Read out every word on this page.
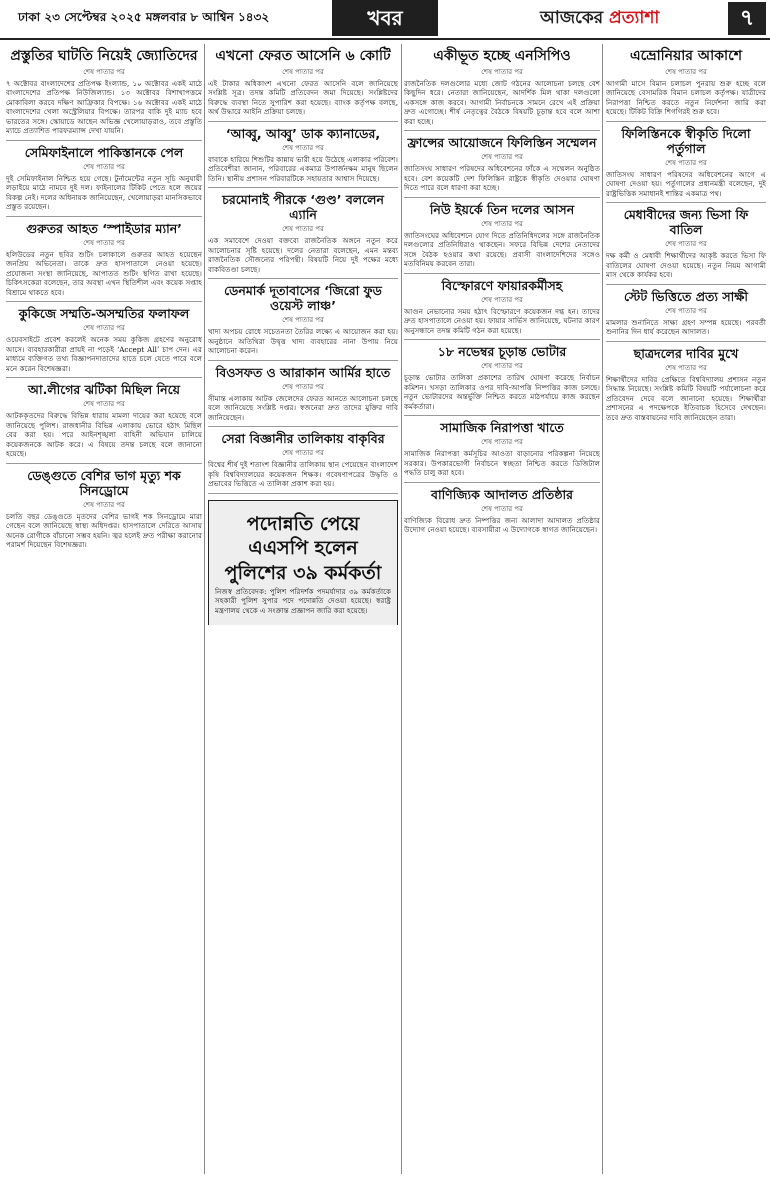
ঢাকা ২৩ সেপ্টেম্বর ২০২৫ মঙ্গলবার ৮ আশ্বিন ১৪৩২	খবর	আজকের প্রত্যাশা	৭
প্রস্তুতির ঘাটতি নিয়েই জ্যোতিদের
শেষ পাতার পর

৭ অক্টোবর বাংলাদেশের প্রতিপক্ষ ইংল্যান্ড, ১০ অক্টোবর একই মাঠে বাংলাদেশের প্রতিপক্ষ নিউজিল্যান্ড। ১৩ অক্টোবর বিশাখাপত্তমে মোকাবিলা করবে দক্ষিণ আফ্রিকার বিপক্ষে। ১৬ অক্টোবর একই মাঠে বাংলাদেশের খেলা অস্ট্রেলিয়ার বিপক্ষে। তারপর বাকি দুই ম্যাচ হবে ভারতের সঙ্গে। স্কোয়াডে আছেন অভিজ্ঞ খেলোয়াড়রাও, তবে প্রস্তুতি ম্যাচে প্রত্যাশিত পারফরম্যান্স দেখা যায়নি।

সেমিফাইনালে পাকিস্তানকে পেল
শেষ পাতার পর

দুই সেমিফাইনাল নিশ্চিত হয়ে গেছে। টুর্নামেন্টের নতুন সূচি অনুযায়ী লড়াইয়ে মাঠে নামবে দুই দল। ফাইনালের টিকিট পেতে হলে জয়ের বিকল্প নেই। দলের অধিনায়ক জানিয়েছেন, খেলোয়াড়রা মানসিকভাবে প্রস্তুত রয়েছেন।

গুরুতর আহত ‘স্পাইডার ম্যান’
শেষ পাতার পর

হলিউডের নতুন ছবির শুটিং চলাকালে গুরুতর আহত হয়েছেন জনপ্রিয় অভিনেতা। তাকে দ্রুত হাসপাতালে নেওয়া হয়েছে। প্রযোজনা সংস্থা জানিয়েছে, আপাতত শুটিং স্থগিত রাখা হয়েছে। চিকিৎসকেরা বলেছেন, তার অবস্থা এখন স্থিতিশীল এবং কয়েক সপ্তাহ বিশ্রামে থাকতে হবে।

কুকিজে সম্মতি-অসম্মতির ফলাফল
শেষ পাতার পর

ওয়েবসাইটে প্রবেশ করলেই অনেক সময় কুকিজ গ্রহণের অনুরোধ আসে। ব্যবহারকারীরা প্রায়ই না পড়েই ‘Accept All’ চাপ দেন। এর মাধ্যমে ব্যক্তিগত তথ্য বিজ্ঞাপনদাতাদের হাতে চলে যেতে পারে বলে মনে করেন বিশেষজ্ঞরা।

আ.লীগের ঝটিকা মিছিল নিয়ে
শেষ পাতার পর

আটককৃতদের বিরুদ্ধে বিভিন্ন ধারায় মামলা দায়ের করা হয়েছে বলে জানিয়েছে পুলিশ। রাজধানীর বিভিন্ন এলাকায় ভোরে হঠাৎ মিছিল বের করা হয়। পরে আইনশৃঙ্খলা বাহিনী অভিযান চালিয়ে কয়েকজনকে আটক করে। এ বিষয়ে তদন্ত চলছে বলে জানানো হয়েছে।

ডেঙ্গুতে বেশির ভাগ মৃত্যু শক সিনড্রোমে
শেষ পাতার পর

চলতি বছর ডেঙ্গুতে মৃতদের বেশির ভাগই শক সিনড্রোমে মারা গেছেন বলে জানিয়েছে স্বাস্থ্য অধিদপ্তর। হাসপাতালে দেরিতে আসায় অনেক রোগীকে বাঁচানো সম্ভব হয়নি। জ্বর হলেই দ্রুত পরীক্ষা করানোর পরামর্শ দিয়েছেন বিশেষজ্ঞরা।

এখনো ফেরত আসেনি ৬ কোটি
শেষ পাতার পর

এই টাকার অধিকাংশ এখনো ফেরত আসেনি বলে জানিয়েছে সংশ্লিষ্ট সূত্র। তদন্ত কমিটি প্রতিবেদন জমা দিয়েছে। সংশ্লিষ্টদের বিরুদ্ধে ব্যবস্থা নিতে সুপারিশ করা হয়েছে। ব্যাংক কর্তৃপক্ষ বলছে, অর্থ উদ্ধারে আইনি প্রক্রিয়া চলছে।

‘আব্বু, আব্বু’ ডাক ক্যানাডের,
শেষ পাতার পর

বাবাকে হারিয়ে শিশুটির কান্নায় ভারী হয়ে উঠেছে এলাকার পরিবেশ। প্রতিবেশীরা জানান, পরিবারের একমাত্র উপার্জনক্ষম মানুষ ছিলেন তিনি। স্থানীয় প্রশাসন পরিবারটিকে সহায়তার আশ্বাস দিয়েছে।

চরমোনাই পীরকে ‘গুণ্ড’ বললেন এ্যানি
শেষ পাতার পর

এক সমাবেশে দেওয়া বক্তব্যে রাজনৈতিক অঙ্গনে নতুন করে আলোচনার সৃষ্টি হয়েছে। দলের নেতারা বলেছেন, এমন মন্তব্য রাজনৈতিক সৌজন্যের পরিপন্থী। বিষয়টি নিয়ে দুই পক্ষের মধ্যে বাকবিতণ্ডা চলছে।

ডেনমার্ক দূতাবাসের ‘জিরো ফুড ওয়েস্ট লাঞ্চ’
শেষ পাতার পর

খাদ্য অপচয় রোধে সচেতনতা তৈরির লক্ষ্যে এ আয়োজন করা হয়। অনুষ্ঠানে অতিথিরা উদ্বৃত্ত খাদ্য ব্যবহারের নানা উপায় নিয়ে আলোচনা করেন।

বিওসফত ও আরাকান আর্মির হাতে
শেষ পাতার পর

সীমান্ত এলাকায় আটক জেলেদের ফেরত আনতে আলোচনা চলছে বলে জানিয়েছে সংশ্লিষ্ট দপ্তর। স্বজনেরা দ্রুত তাদের মুক্তির দাবি জানিয়েছেন।

সেরা বিজ্ঞানীর তালিকায় বাকৃবির
শেষ পাতার পর

বিশ্বের শীর্ষ দুই শতাংশ বিজ্ঞানীর তালিকায় স্থান পেয়েছেন বাংলাদেশ কৃষি বিশ্ববিদ্যালয়ের কয়েকজন শিক্ষক। গবেষণাপত্রের উদ্ধৃতি ও প্রভাবের ভিত্তিতে এ তালিকা প্রকাশ করা হয়।

পদোন্নতি পেয়ে এএসপি হলেন পুলিশের ৩৯ কর্মকর্তা

নিজস্ব প্রতিবেদক: পুলিশ পরিদর্শক পদমর্যাদার ৩৯ কর্মকর্তাকে সহকারী পুলিশ সুপার পদে পদোন্নতি দেওয়া হয়েছে। স্বরাষ্ট্র মন্ত্রণালয় থেকে এ সংক্রান্ত প্রজ্ঞাপন জারি করা হয়েছে।

একীভূত হচ্ছে এনসিপিও
শেষ পাতার পর

রাজনৈতিক দলগুলোর মধ্যে জোট গঠনের আলোচনা চলছে বেশ কিছুদিন ধরে। নেতারা জানিয়েছেন, আদর্শিক মিল থাকা দলগুলো একসঙ্গে কাজ করবে। আগামী নির্বাচনকে সামনে রেখে এই প্রক্রিয়া দ্রুত এগোচ্ছে। শীর্ষ নেতৃত্বের বৈঠকে বিষয়টি চূড়ান্ত হবে বলে আশা করা হচ্ছে।

ফ্রান্সের আয়োজনে ফিলিস্তিন সম্মেলন
শেষ পাতার পর

জাতিসংঘ সাধারণ পরিষদের অধিবেশনের ফাঁকে এ সম্মেলন অনুষ্ঠিত হবে। বেশ কয়েকটি দেশ ফিলিস্তিন রাষ্ট্রকে স্বীকৃতি দেওয়ার ঘোষণা দিতে পারে বলে ধারণা করা হচ্ছে।

নিউ ইয়র্কে তিন দলের আসন
শেষ পাতার পর

জাতিসংঘের অধিবেশনে যোগ দিতে প্রতিনিধিদলের সঙ্গে রাজনৈতিক দলগুলোর প্রতিনিধিরাও থাকছেন। সফরে বিভিন্ন দেশের নেতাদের সঙ্গে বৈঠক হওয়ার কথা রয়েছে। প্রবাসী বাংলাদেশিদের সঙ্গেও মতবিনিময় করবেন তারা।

বিস্ফোরণে ফায়ারকর্মীসহ
শেষ পাতার পর

আগুন নেভানোর সময় হঠাৎ বিস্ফোরণে কয়েকজন দগ্ধ হন। তাদের দ্রুত হাসপাতালে নেওয়া হয়। ফায়ার সার্ভিস জানিয়েছে, ঘটনার কারণ অনুসন্ধানে তদন্ত কমিটি গঠন করা হয়েছে।

১৮ নভেম্বর চূড়ান্ত ভোটার
শেষ পাতার পর

চূড়ান্ত ভোটার তালিকা প্রকাশের তারিখ ঘোষণা করেছে নির্বাচন কমিশন। খসড়া তালিকার ওপর দাবি-আপত্তি নিষ্পত্তির কাজ চলছে। নতুন ভোটারদের অন্তর্ভুক্তি নিশ্চিত করতে মাঠপর্যায়ে কাজ করছেন কর্মকর্তারা।

সামাজিক নিরাপত্তা খাতে
শেষ পাতার পর

সামাজিক নিরাপত্তা কর্মসূচির আওতা বাড়ানোর পরিকল্পনা নিয়েছে সরকার। উপকারভোগী নির্বাচনে স্বচ্ছতা নিশ্চিত করতে ডিজিটাল পদ্ধতি চালু করা হবে।

বাণিজ্যিক আদালত প্রতিষ্ঠার
শেষ পাতার পর

বাণিজ্যিক বিরোধ দ্রুত নিষ্পত্তির জন্য আলাদা আদালত প্রতিষ্ঠার উদ্যোগ নেওয়া হয়েছে। ব্যবসায়ীরা এ উদ্যোগকে স্বাগত জানিয়েছেন।

এভ্রোনিয়ার আকাশে
শেষ পাতার পর

আগামী মাসে বিমান চলাচল পুনরায় শুরু হচ্ছে বলে জানিয়েছে বেসামরিক বিমান চলাচল কর্তৃপক্ষ। যাত্রীদের নিরাপত্তা নিশ্চিত করতে নতুন নির্দেশনা জারি করা হয়েছে। টিকিট বিক্রি শিগগিরই শুরু হবে।

ফিলিস্তিনকে স্বীকৃতি দিলো পর্তুগাল
শেষ পাতার পর

জাতিসংঘ সাধারণ পরিষদের অধিবেশনের আগে এ ঘোষণা দেওয়া হয়। পর্তুগালের প্রধানমন্ত্রী বলেছেন, দুই রাষ্ট্রভিত্তিক সমাধানই শান্তির একমাত্র পথ।

মেধাবীদের জন্য ভিসা ফি বাতিল
শেষ পাতার পর

দক্ষ কর্মী ও মেধাবী শিক্ষার্থীদের আকৃষ্ট করতে ভিসা ফি বাতিলের ঘোষণা দেওয়া হয়েছে। নতুন নিয়ম আগামী মাস থেকে কার্যকর হবে।

স্টেট ভিত্তিতে প্রত্য সাক্ষী
শেষ পাতার পর

মামলার শুনানিতে সাক্ষ্য গ্রহণ সম্পন্ন হয়েছে। পরবর্তী শুনানির দিন ধার্য করেছেন আদালত।

ছাত্রদলের দাবির মুখে
শেষ পাতার পর

শিক্ষার্থীদের দাবির প্রেক্ষিতে বিশ্ববিদ্যালয় প্রশাসন নতুন সিদ্ধান্ত নিয়েছে। সংশ্লিষ্ট কমিটি বিষয়টি পর্যালোচনা করে প্রতিবেদন দেবে বলে জানানো হয়েছে। শিক্ষার্থীরা প্রশাসনের এ পদক্ষেপকে ইতিবাচক হিসেবে দেখছেন। তবে দ্রুত বাস্তবায়নের দাবি জানিয়েছেন তারা।
